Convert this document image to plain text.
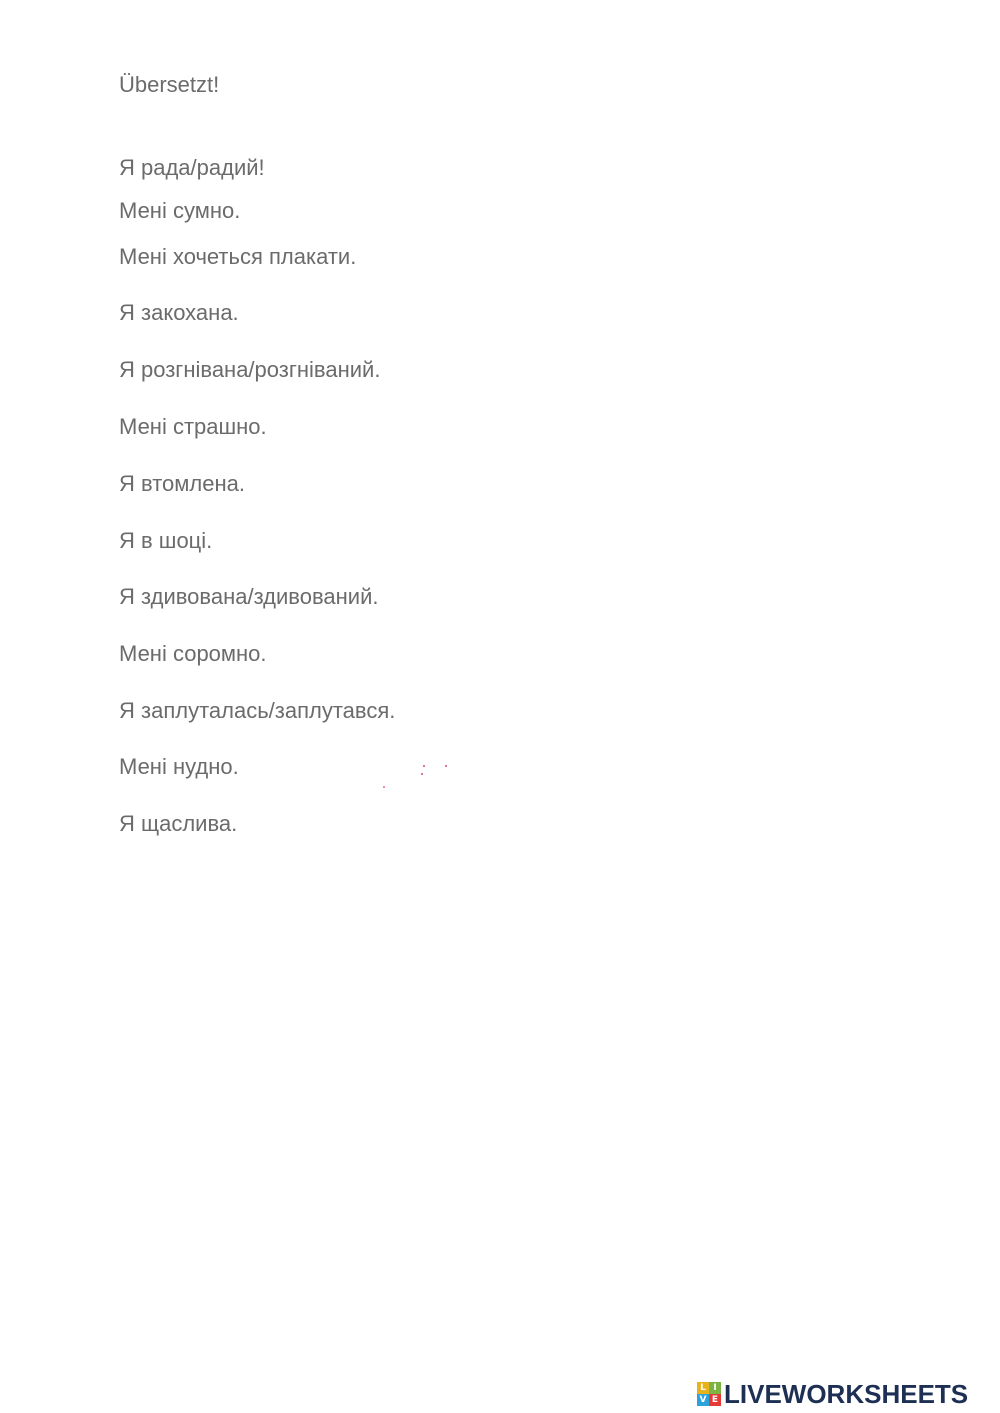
Übersetzt!
Я рада/радий!
Мені сумно.
Мені хочеться плакати.
Я закохана.
Я розгнівана/розгніваний.
Мені страшно.
Я втомлена.
Я в шоці.
Я здивована/здивований.
Мені соромно.
Я заплуталась/заплутався.
Мені нудно.
Я щаслива.
L I
V E LIVEWORKSHEETS
